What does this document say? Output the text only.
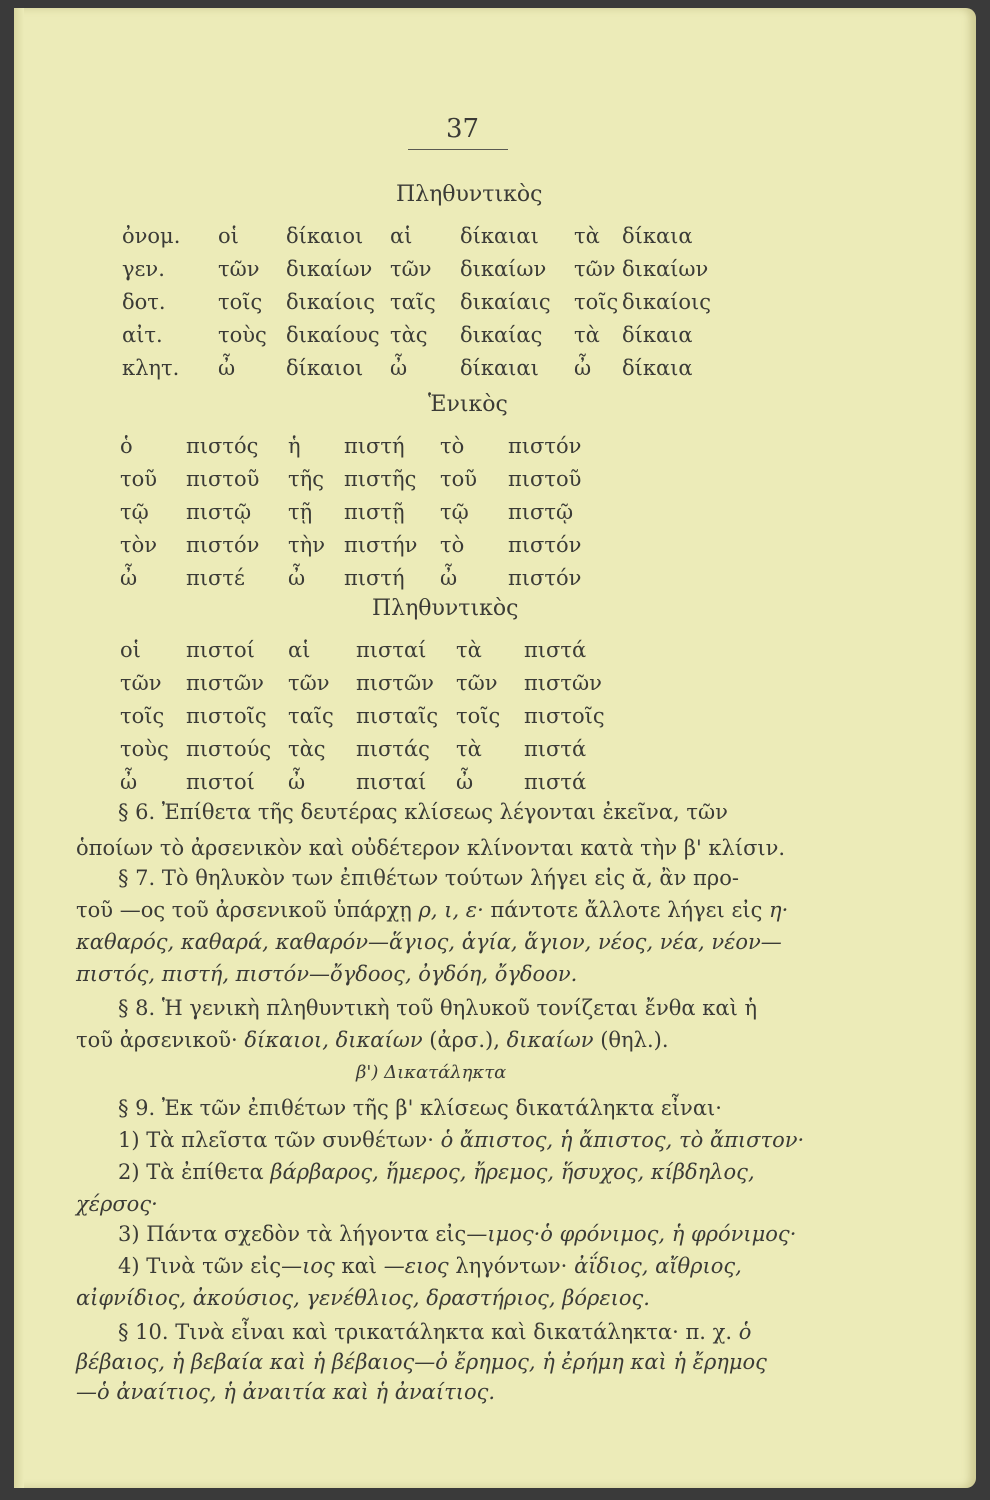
37
Πληθυντικὸς
ὀνομ. οἱ δίκαιοι αἱ δίκαιαι τὰ δίκαια
γεν.	τῶν δικαίων τῶν δικαίων τῶν δικαίων
δοτ. τοῖς δικαίοις ταῖς δικαίαις τοῖς δικαίοις
αἰτ.	τοὺς δικαίους τὰς δικαίας τὰ δίκαια
κλητ. ὦ δίκαιοι ὦ	δίκαιαι ὦ δίκαια
Ἑνικὸς
ὁ	πιστός ἡ πιστή τὸ πιστόν
τοῦ πιστοῦ τῆς πιστῆς τοῦ πιστοῦ
τῷ πιστῷ τῇ πιστῇ τῷ πιστῷ
τὸν πιστόν τὴν πιστήν τὸ πιστόν
ὦ πιστέ ὦ πιστή ὦ πιστόν
Πληθυντικὸς
οἱ πιστοί αἱ πισταί τὰ πιστά
τῶν πιστῶν τῶν πιστῶν τῶν πιστῶν
τοῖς πιστοῖς ταῖς πισταῖς τοῖς πιστοῖς
τοὺς πιστούς τὰς πιστάς τὰ πιστά
ὦ πιστοί ὦ πισταί ὦ πιστά
§ 6. Ἐπίθετα τῆς δευτέρας κλίσεως λέγονται ἐκεῖνα, τῶν
ὁποίων τὸ ἀρσενικὸν καὶ οὐδέτερον κλίνονται κατὰ τὴν β' κλίσιν.
§ 7. Τὸ θηλυκὸν των ἐπιθέτων τούτων λήγει εἰς ᾰ, ἂν προ-
τοῦ —ος τοῦ ἀρσενικοῦ ὑπάρχῃ ρ, ι, ε· πάντοτε ἄλλοτε λήγει εἰς η·
καθαρός, καθαρά, καθαρόν—ἅγιος, ἁγία, ἅγιον, νέος, νέα, νέον—
πιστός, πιστή, πιστόν—ὄγδοος, ὀγδόη, ὄγδοον.
§ 8. Ἡ γενικὴ πληθυντικὴ τοῦ θηλυκοῦ τονίζεται ἔνθα καὶ ἡ
τοῦ ἀρσενικοῦ· δίκαιοι, δικαίων (ἀρσ.), δικαίων (θηλ.).
β') Δικατάληκτα
§ 9. Ἐκ τῶν ἐπιθέτων τῆς β' κλίσεως δικατάληκτα εἶναι·
1) Τὰ πλεῖστα τῶν συνθέτων· ὁ ἄπιστος, ἡ ἄπιστος, τὸ ἄπιστον·
2) Τὰ ἐπίθετα βάρβαρος, ἥμερος, ἤρεμος, ἥσυχος, κίβδηλος,
χέρσος·
3) Πάντα σχεδὸν τὰ λήγοντα εἰς—ιμος·ὁ φρόνιμος, ἡ φρόνιμος·
4) Τινὰ τῶν εἰς—ιος καὶ —ειος ληγόντων· ἀΐδιος, αἴθριος,
αἰφνίδιος, ἀκούσιος, γενέθλιος, δραστήριος, βόρειος.
§ 10. Τινὰ εἶναι καὶ τρικατάληκτα καὶ δικατάληκτα· π. χ. ὁ
βέβαιος, ἡ βεβαία καὶ ἡ βέβαιος—ὁ ἔρημος, ἡ ἐρήμη καὶ ἡ ἔρημος
—ὁ ἀναίτιος, ἡ ἀναιτία καὶ ἡ ἀναίτιος.
